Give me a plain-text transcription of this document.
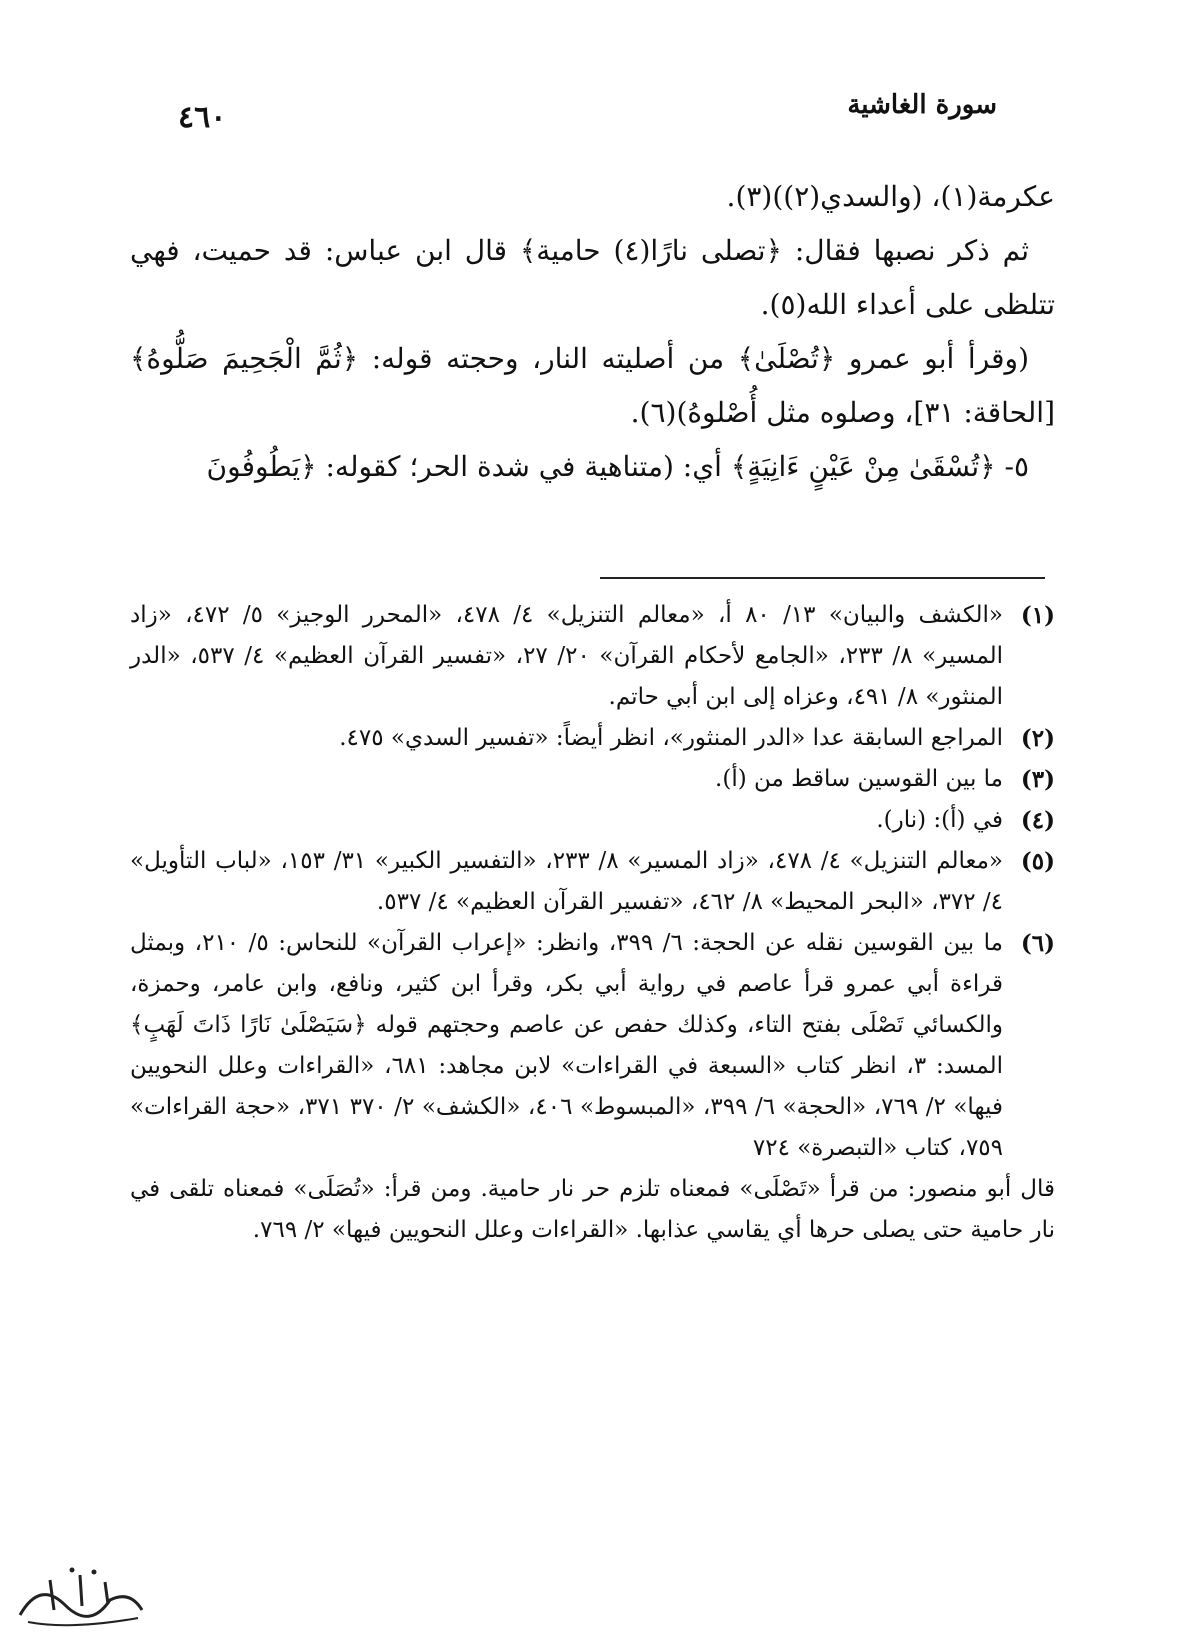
٤٦٠	سورة الغاشية

عكرمة(١)، (والسدي(٢))(٣).

ثم ذكر نصبها فقال: ﴿تصلى نارًا(٤) حامية﴾ قال ابن عباس: قد حميت، فهي تتلظى على أعداء الله(٥).

(وقرأ أبو عمرو ﴿تُصْلَىٰ﴾ من أصليته النار، وحجته قوله: ﴿ثُمَّ الْجَحِيمَ صَلُّوهُ﴾ [الحاقة: ٣١]، وصلوه مثل أُصْلوهُ)(٦).

٥- ﴿تُسْقَىٰ مِنْ عَيْنٍ ءَانِيَةٍ﴾ أي: (متناهية في شدة الحر؛ كقوله: ﴿يَطُوفُونَ

(١)
«الكشف والبيان» ١٣/ ٨٠ أ، «معالم التنزيل» ٤/ ٤٧٨، «المحرر الوجيز» ٥/ ٤٧٢، «زاد المسير» ٨/ ٢٣٣، «الجامع لأحكام القرآن» ٢٠/ ٢٧، «تفسير القرآن العظيم» ٤/ ٥٣٧، «الدر المنثور» ٨/ ٤٩١، وعزاه إلى ابن أبي حاتم.
(٢)
المراجع السابقة عدا «الدر المنثور»، انظر أيضاً: «تفسير السدي» ٤٧٥.
(٣)
ما بين القوسين ساقط من (أ).
(٤)
في (أ): (نار).
(٥)
«معالم التنزيل» ٤/ ٤٧٨، «زاد المسير» ٨/ ٢٣٣، «التفسير الكبير» ٣١/ ١٥٣، «لباب التأويل» ٤/ ٣٧٢، «البحر المحيط» ٨/ ٤٦٢، «تفسير القرآن العظيم» ٤/ ٥٣٧.
(٦)
ما بين القوسين نقله عن الحجة: ٦/ ٣٩٩، وانظر: «إعراب القرآن» للنحاس: ٥/ ٢١٠، وبمثل قراءة أبي عمرو قرأ عاصم في رواية أبي بكر، وقرأ ابن كثير، ونافع، وابن عامر، وحمزة، والكسائي تَصْلَى بفتح التاء، وكذلك حفص عن عاصم وحجتهم قوله ﴿سَيَصْلَىٰ نَارًا ذَاتَ لَهَبٍ﴾ المسد: ٣، انظر كتاب «السبعة في القراءات» لابن مجاهد: ٦٨١، «القراءات وعلل النحويين فيها» ٢/ ٧٦٩، «الحجة» ٦/ ٣٩٩، «المبسوط» ٤٠٦، «الكشف» ٢/ ٣٧٠ ٣٧١، «حجة القراءات» ٧٥٩، كتاب «التبصرة» ٧٢٤
قال أبو منصور: من قرأ «تَصْلَى» فمعناه تلزم حر نار حامية. ومن قرأ: «تُصَلَى» فمعناه تلقى في نار حامية حتى يصلى حرها أي يقاسي عذابها. «القراءات وعلل النحويين فيها» ٢/ ٧٦٩.
